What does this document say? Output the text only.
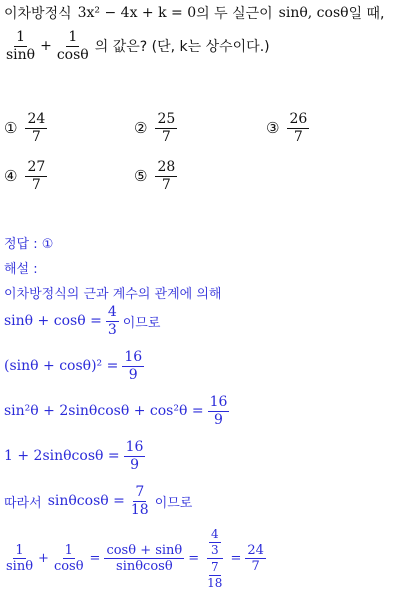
이차방정식 3x² − 4x + k = 0 의 두 실근이 sinθ, cosθ 일 때,
$\frac{1}{\sin\theta} + \frac{1}{\cos\theta}$ 의 값은? (단, k는 상수이다.)
① $\frac{24}{7}$	② $\frac{25}{7}$	③ $\frac{26}{7}$
④ $\frac{27}{7}$	⑤ $\frac{28}{7}$
정답 : ①
해설 :
이차방정식의 근과 계수의 관계에 의해
$\sin\theta + \cos\theta = \frac{4}{3}$ 이므로
$(\sin\theta + \cos\theta)^2 = \frac{16}{9}$
$\sin^2\theta + 2\sin\theta\cos\theta + \cos^2\theta = \frac{16}{9}$
$1 + 2\sin\theta\cos\theta = \frac{16}{9}$
따라서 $\sin\theta\cos\theta = \frac{7}{18}$ 이므로
$\frac{1}{\sin\theta} + \frac{1}{\cos\theta} = \frac{\cos\theta + \sin\theta}{\sin\theta\cos\theta} = \frac{\frac{4}{3}}{\frac{7}{18}} = \frac{24}{7}$
